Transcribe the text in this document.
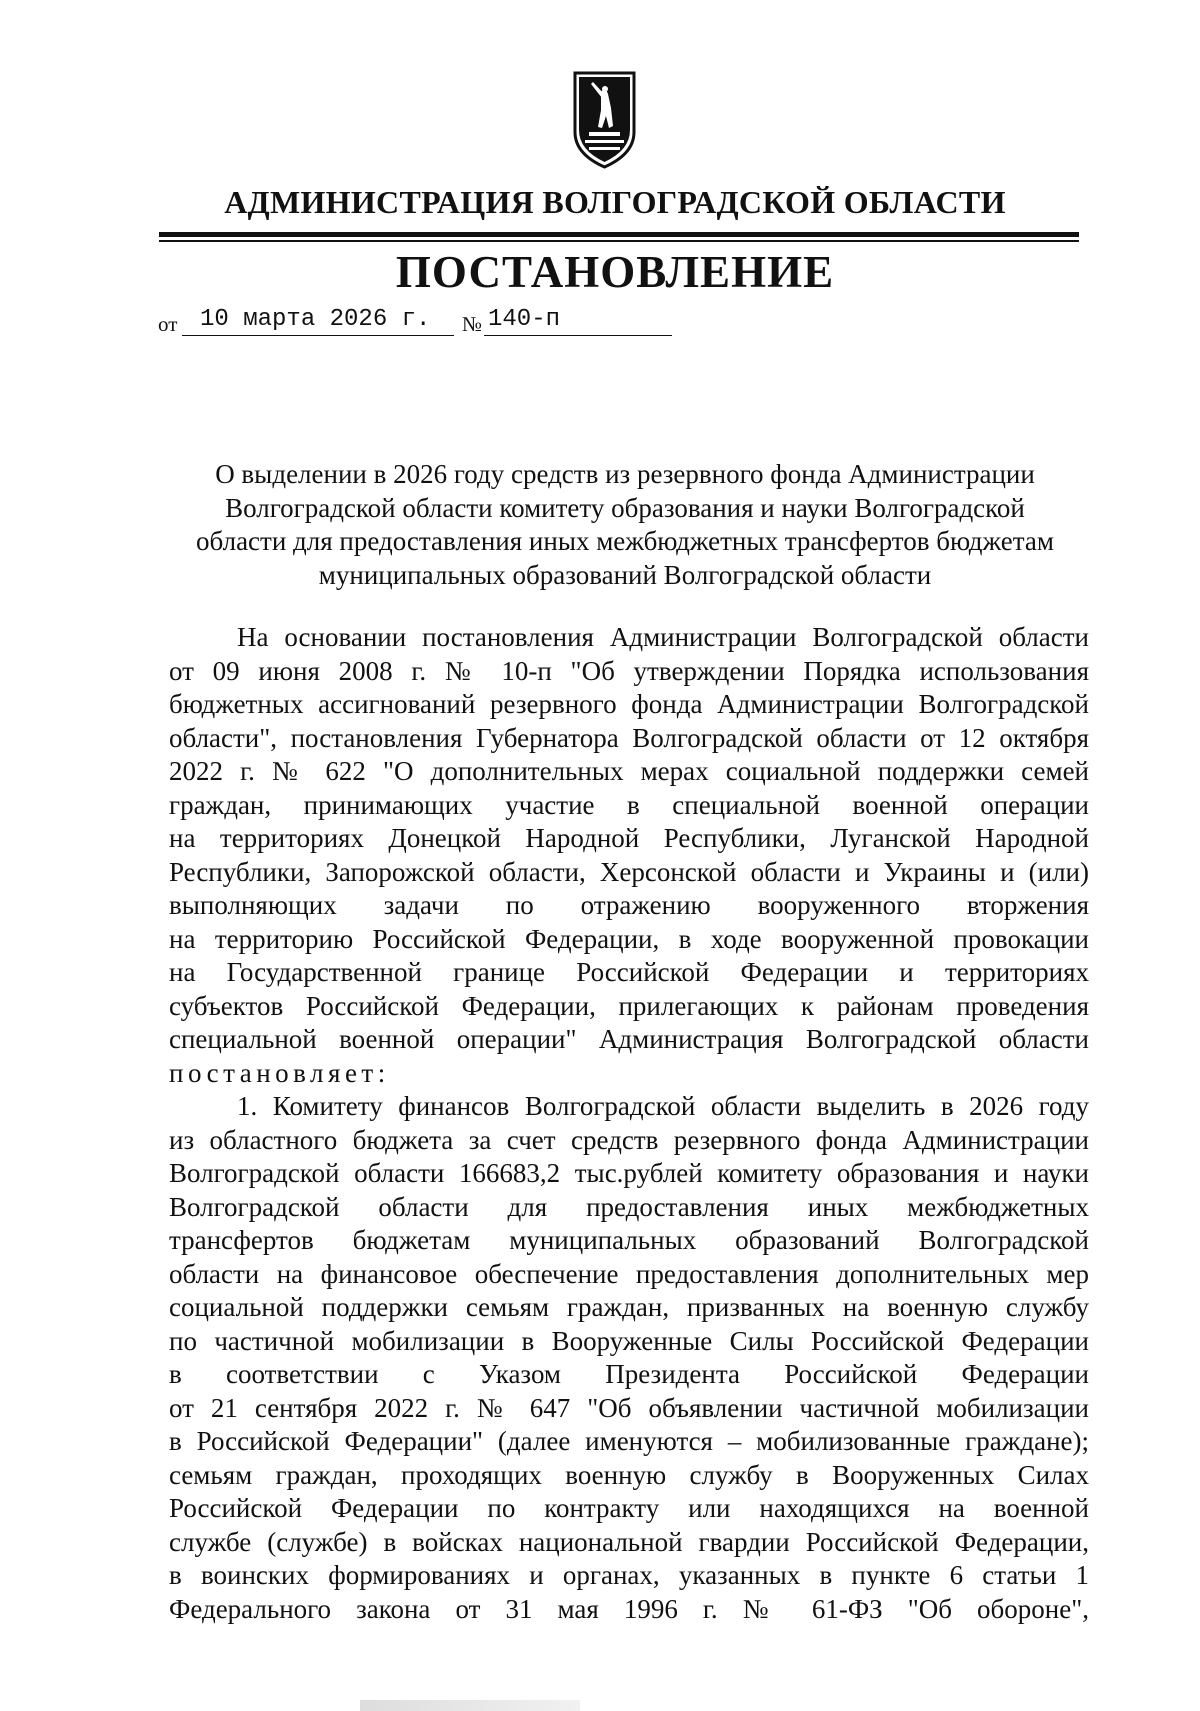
АДМИНИСТРАЦИЯ ВОЛГОГРАДСКОЙ ОБЛАСТИ
ПОСТАНОВЛЕНИЕ
от 10 марта 2026 г. № 140-п
О выделении в 2026 году средств из резервного фонда Администрации
Волгоградской области комитету образования и науки Волгоградской
области для предоставления иных межбюджетных трансфертов бюджетам
муниципальных образований Волгоградской области
На основании постановления Администрации Волгоградской области
от 09 июня 2008 г. № 10-п "Об утверждении Порядка использования
бюджетных ассигнований резервного фонда Администрации Волгоградской
области", постановления Губернатора Волгоградской области от 12 октября
2022 г. № 622 "О дополнительных мерах социальной поддержки семей
граждан, принимающих участие в специальной военной операции
на территориях Донецкой Народной Республики, Луганской Народной
Республики, Запорожской области, Херсонской области и Украины и (или)
выполняющих задачи по отражению вооруженного вторжения
на территорию Российской Федерации, в ходе вооруженной провокации
на Государственной границе Российской Федерации и территориях
субъектов Российской Федерации, прилегающих к районам проведения
специальной военной операции" Администрация Волгоградской области
постановляет:
1. Комитету финансов Волгоградской области выделить в 2026 году
из областного бюджета за счет средств резервного фонда Администрации
Волгоградской области 166683,2 тыс.рублей комитету образования и науки
Волгоградской области для предоставления иных межбюджетных
трансфертов бюджетам муниципальных образований Волгоградской
области на финансовое обеспечение предоставления дополнительных мер
социальной поддержки семьям граждан, призванных на военную службу
по частичной мобилизации в Вооруженные Силы Российской Федерации
в соответствии с Указом Президента Российской Федерации
от 21 сентября 2022 г. № 647 "Об объявлении частичной мобилизации
в Российской Федерации" (далее именуются – мобилизованные граждане);
семьям граждан, проходящих военную службу в Вооруженных Силах
Российской Федерации по контракту или находящихся на военной
службе (службе) в войсках национальной гвардии Российской Федерации,
в воинских формированиях и органах, указанных в пункте 6 статьи 1
Федерального закона от 31 мая 1996 г. № 61-ФЗ "Об обороне",
